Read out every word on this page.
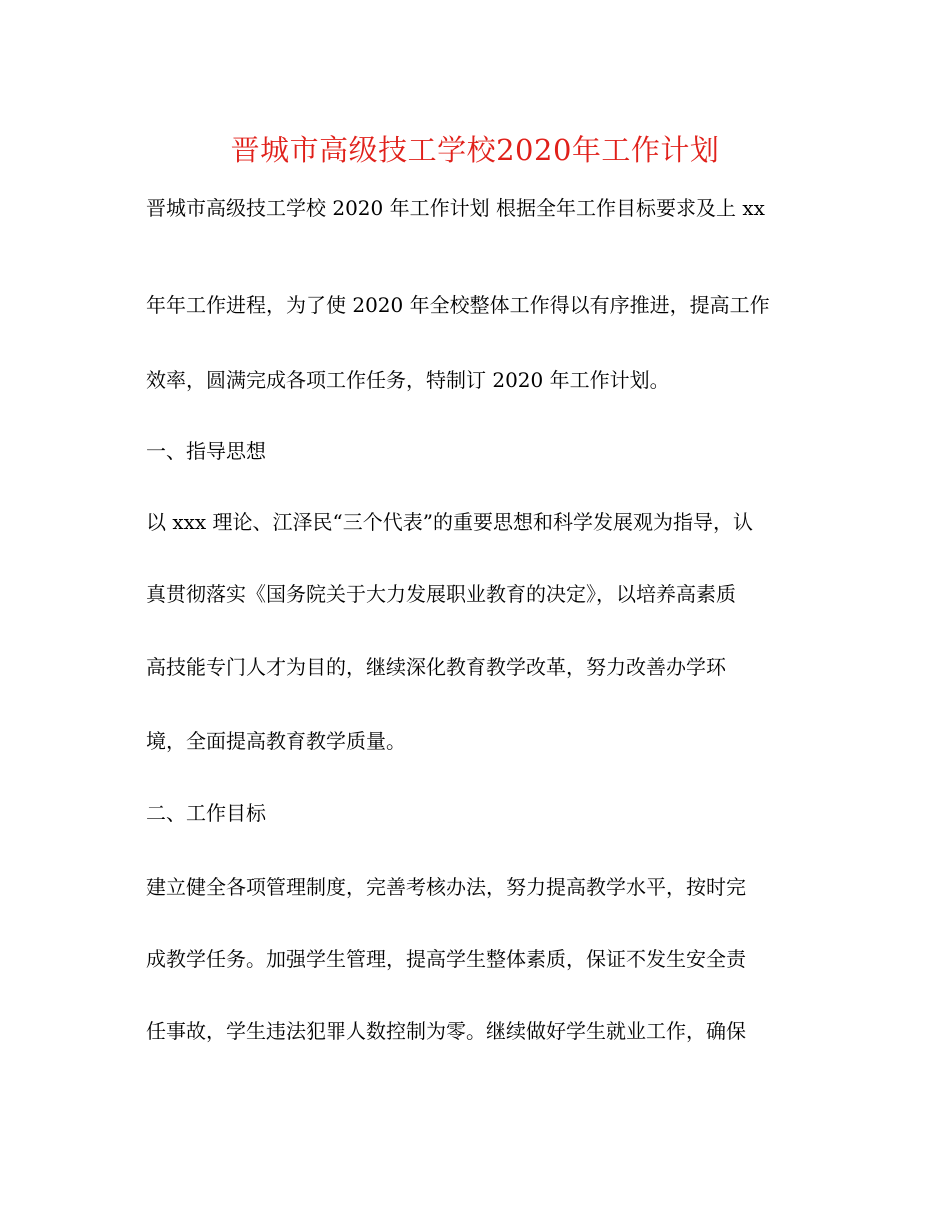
晋城市高级技工学校2020年工作计划

晋城市高级技工学校 2020 年工作计划 根据全年工作目标要求及上 xx

年年工作进程，为了使 2020 年全校整体工作得以有序推进，提高工作

效率，圆满完成各项工作任务，特制订 2020 年工作计划。

一、指导思想

以 xxx 理论、江泽民“三个代表”的重要思想和科学发展观为指导，认

真贯彻落实《国务院关于大力发展职业教育的决定》，以培养高素质

高技能专门人才为目的，继续深化教育教学改革，努力改善办学环

境，全面提高教育教学质量。

二、工作目标

建立健全各项管理制度，完善考核办法，努力提高教学水平，按时完

成教学任务。加强学生管理，提高学生整体素质，保证不发生安全责

任事故，学生违法犯罪人数控制为零。继续做好学生就业工作，确保
